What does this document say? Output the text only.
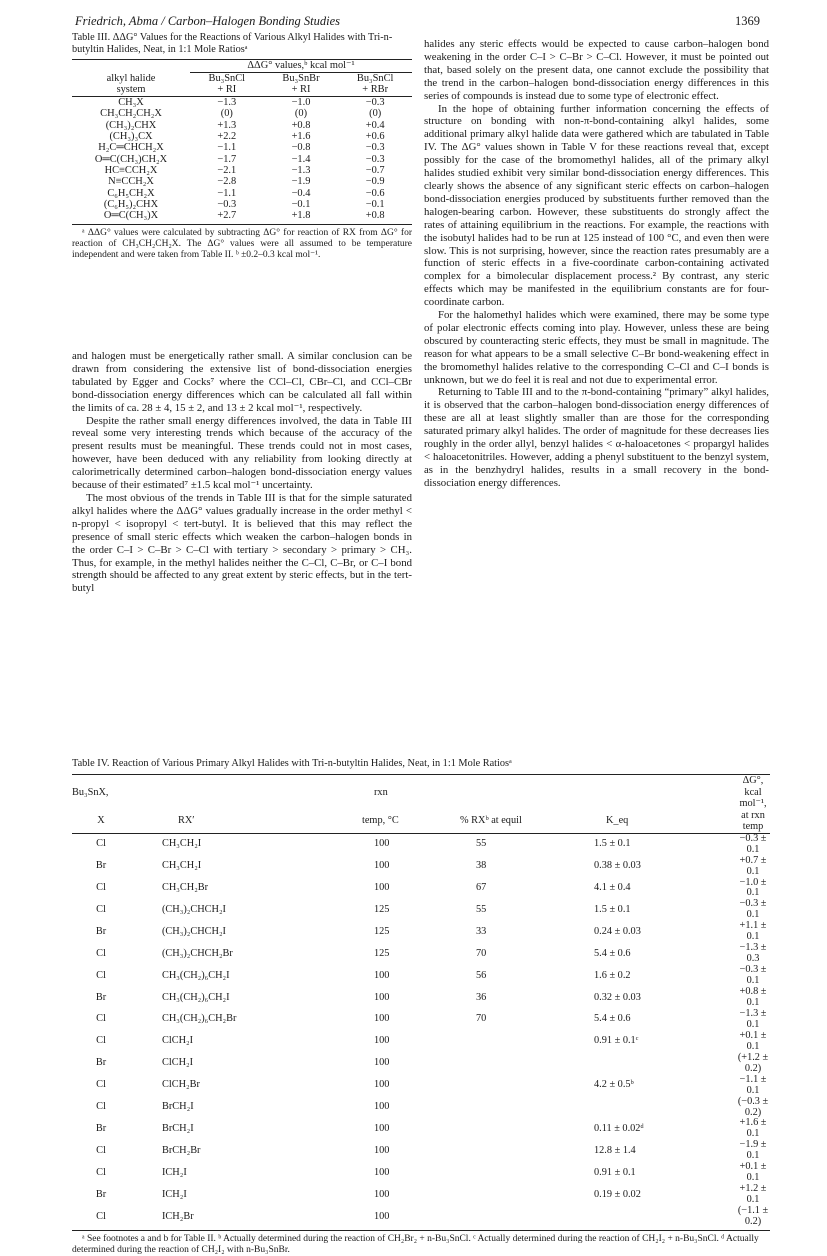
Friedrich, Abma / Carbon–Halogen Bonding Studies	1369

Table III. ΔΔG° Values for the Reactions of Various Alkyl Halides with Tri-n-butyltin Halides, Neat, in 1:1 Mole Ratiosᵃ

	ΔΔG° values,ᵇ kcal mol⁻¹		
alkyl halide	Bu₃SnCl	Bu₃SnBr	Bu₃SnCl
system	+ RI	+ RI	+ RBr
CH₃X	−1.3	−1.0	−0.3
CH₃CH₂CH₂X	(0)	(0)	(0)
(CH₃)₂CHX	+1.3	+0.8	+0.4
(CH₃)₃CX	+2.2	+1.6	+0.6
H₂C═CHCH₂X	−1.1	−0.8	−0.3
O═C(CH₃)CH₂X	−1.7	−1.4	−0.3
HC≡CCH₂X	−2.1	−1.3	−0.7
N≡CCH₂X	−2.8	−1.9	−0.9
C₆H₅CH₂X	−1.1	−0.4	−0.6
(C₆H₅)₂CHX	−0.3	−0.1	−0.1
O═C(CH₃)X	+2.7	+1.8	+0.8

ᵃ ΔΔG° values were calculated by subtracting ΔG° for reaction of RX from ΔG° for reaction of CH₃CH₂CH₂X. The ΔG° values were all assumed to be temperature independent and were taken from Table II. ᵇ ±0.2–0.3 kcal mol⁻¹.

and halogen must be energetically rather small. A similar conclusion can be drawn from considering the extensive list of bond-dissociation energies tabulated by Egger and Cocks⁷ where the CCl–Cl, CBr–Cl, and CCl–CBr bond-dissociation energy differences which can be calculated all fall within the limits of ca. 28 ± 4, 15 ± 2, and 13 ± 2 kcal mol⁻¹, respectively.

Despite the rather small energy differences involved, the data in Table III reveal some very interesting trends which because of the accuracy of the present results must be meaningful. These trends could not in most cases, however, have been deduced with any reliability from looking directly at calorimetrically determined carbon–halogen bond-dissociation energy values because of their estimated⁷ ±1.5 kcal mol⁻¹ uncertainty.

The most obvious of the trends in Table III is that for the simple saturated alkyl halides where the ΔΔG° values gradually increase in the order methyl < n-propyl < isopropyl < tert-butyl. It is believed that this may reflect the presence of small steric effects which weaken the carbon–halogen bonds in the order C–I > C–Br > C–Cl with tertiary > secondary > primary > CH₃. Thus, for example, in the methyl halides neither the C–Cl, C–Br, or C–I bond strength should be affected to any great extent by steric effects, but in the tert-butyl

halides any steric effects would be expected to cause carbon–halogen bond weakening in the order C–I > C–Br > C–Cl. However, it must be pointed out that, based solely on the present data, one cannot exclude the possibility that the trend in the carbon–halogen bond-dissociation energy differences in this series of compounds is instead due to some type of electronic effect.

In the hope of obtaining further information concerning the effects of structure on bonding with non-π-bond-containing alkyl halides, some additional primary alkyl halide data were gathered which are tabulated in Table IV. The ΔG° values shown in Table V for these reactions reveal that, except possibly for the case of the bromomethyl halides, all of the primary alkyl halides studied exhibit very similar bond-dissociation energy differences. This clearly shows the absence of any significant steric effects on carbon–halogen bond-dissociation energies produced by substituents further removed than the halogen-bearing carbon. However, these substituents do strongly affect the rates of attaining equilibrium in the reactions. For example, the reactions with the isobutyl halides had to be run at 125 instead of 100 °C, and even then were slow. This is not surprising, however, since the reaction rates presumably are a function of steric effects in a five-coordinate carbon-containing activated complex for a bimolecular displacement process.² By contrast, any steric effects which may be manifested in the equilibrium constants are for four-coordinate carbon.

For the halomethyl halides which were examined, there may be some type of polar electronic effects coming into play. However, unless these are being obscured by counteracting steric effects, they must be small in magnitude. The reason for what appears to be a small selective C–Br bond-weakening effect in the bromomethyl halides relative to the corresponding C–Cl and C–I bonds is unknown, but we do feel it is real and not due to experimental error.

Returning to Table III and to the π-bond-containing “primary” alkyl halides, it is observed that the carbon–halogen bond-dissociation energy differences of these are all at least slightly smaller than are those for the corresponding saturated primary alkyl halides. The order of magnitude for these decreases lies roughly in the order allyl, benzyl halides < α-haloacetones < propargyl halides < haloacetonitriles. However, adding a phenyl substituent to the benzyl system, as in the benzhydryl halides, results in a small recovery in the bond-dissociation energy differences.

Table IV. Reaction of Various Primary Alkyl Halides with Tri-n-butyltin Halides, Neat, in 1:1 Mole Ratiosᵃ

Bu₃SnX,		rxn			ΔG°, kcal mol⁻¹,
X	RX′	temp, °C	% RXᵇ at equil	K_eq	at rxn temp
Cl	CH₃CH₂I	100	55	1.5 ± 0.1	−0.3 ± 0.1
Br	CH₃CH₂I	100	38	0.38 ± 0.03	+0.7 ± 0.1
Cl	CH₃CH₂Br	100	67	4.1 ± 0.4	−1.0 ± 0.1
Cl	(CH₃)₂CHCH₂I	125	55	1.5 ± 0.1	−0.3 ± 0.1
Br	(CH₃)₂CHCH₂I	125	33	0.24 ± 0.03	+1.1 ± 0.1
Cl	(CH₃)₂CHCH₂Br	125	70	5.4 ± 0.6	−1.3 ± 0.3
Cl	CH₃(CH₂)₆CH₂I	100	56	1.6 ± 0.2	−0.3 ± 0.1
Br	CH₃(CH₂)₆CH₂I	100	36	0.32 ± 0.03	+0.8 ± 0.1
Cl	CH₃(CH₂)₆CH₂Br	100	70	5.4 ± 0.6	−1.3 ± 0.1
Cl	ClCH₂I	100		0.91 ± 0.1ᶜ	+0.1 ± 0.1
Br	ClCH₂I	100			(+1.2 ± 0.2)
Cl	ClCH₂Br	100		4.2 ± 0.5ᵇ	−1.1 ± 0.1
Cl	BrCH₂I	100			(−0.3 ± 0.2)
Br	BrCH₂I	100		0.11 ± 0.02ᵈ	+1.6 ± 0.1
Cl	BrCH₂Br	100		12.8 ± 1.4	−1.9 ± 0.1
Cl	ICH₂I	100		0.91 ± 0.1	+0.1 ± 0.1
Br	ICH₂I	100		0.19 ± 0.02	+1.2 ± 0.1
Cl	ICH₂Br	100			(−1.1 ± 0.2)

ᵃ See footnotes a and b for Table II. ᵇ Actually determined during the reaction of CH₂Br₂ + n-Bu₃SnCl. ᶜ Actually determined during the reaction of CH₂I₂ + n-Bu₃SnCl. ᵈ Actually determined during the reaction of CH₂I₂ with n-Bu₃SnBr.
